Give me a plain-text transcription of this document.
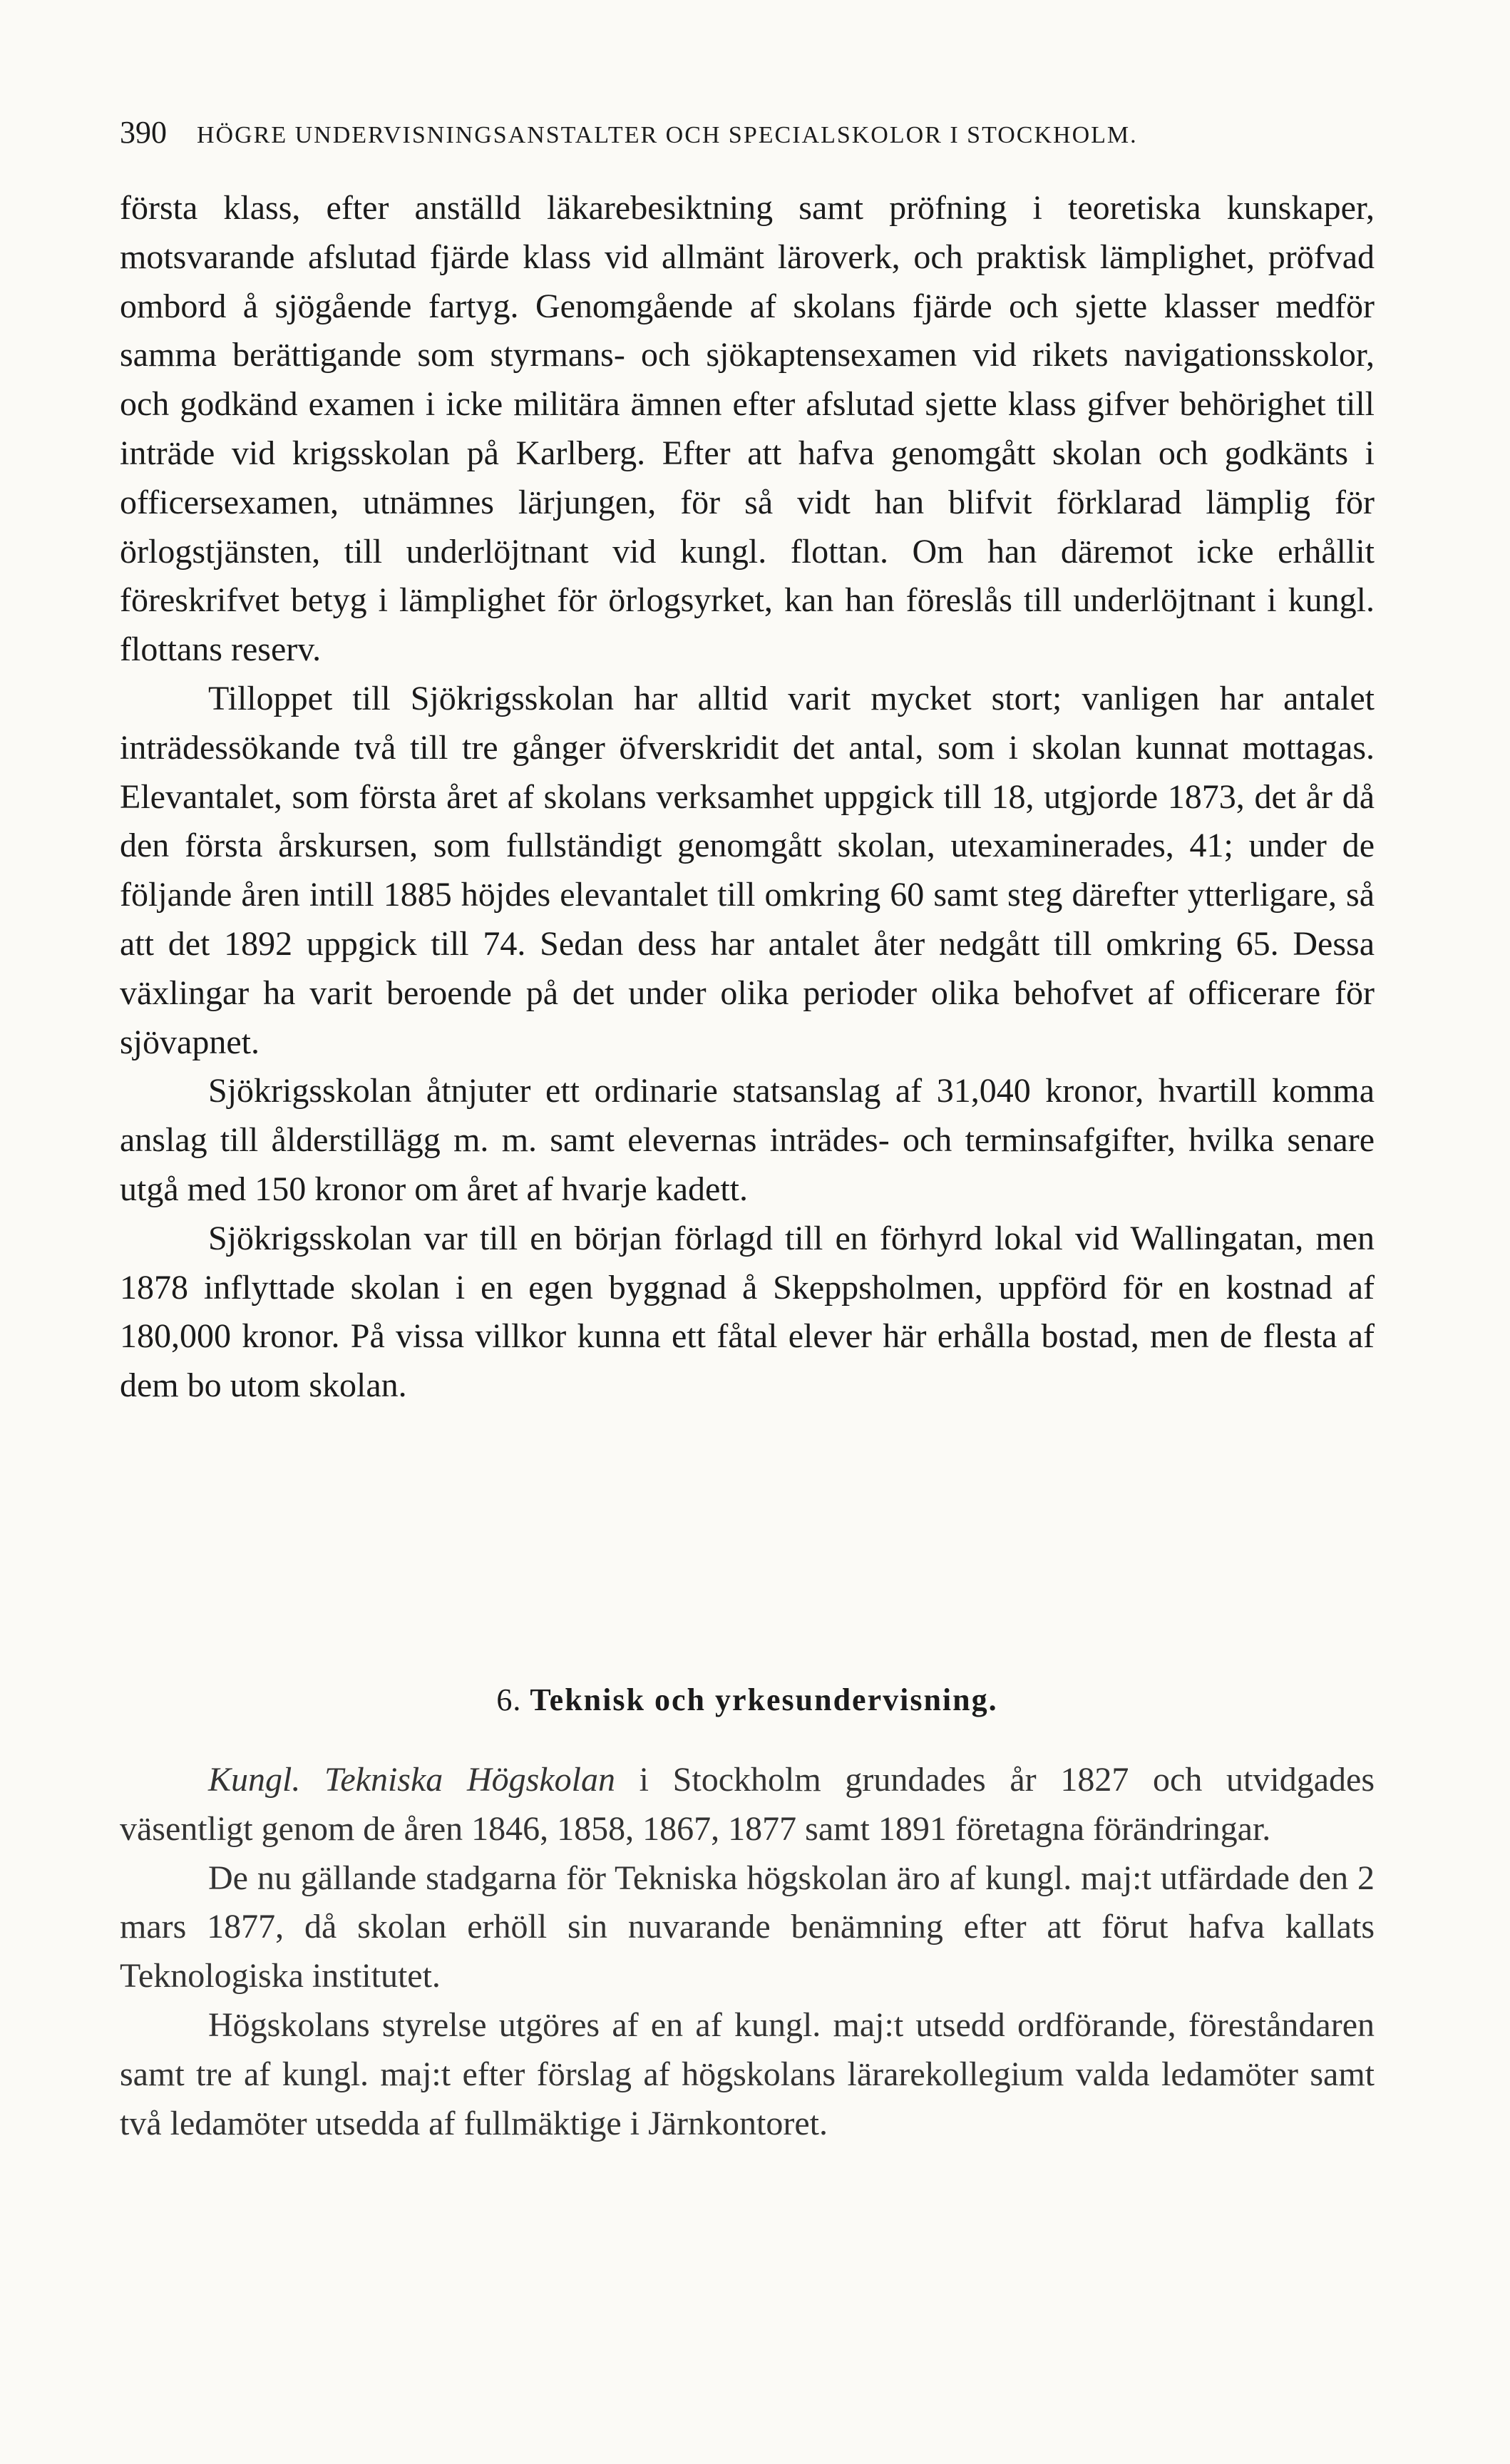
390 HÖGRE UNDERVISNINGSANSTALTER OCH SPECIALSKOLOR I STOCKHOLM.

första klass, efter anställd läkarebesiktning samt pröfning i teoretiska kunskaper, motsvarande afslutad fjärde klass vid allmänt läroverk, och praktisk lämplighet, pröfvad ombord å sjögående fartyg. Genomgående af skolans fjärde och sjette klasser medför samma berättigande som styrmans- och sjökaptensexamen vid rikets navigationsskolor, och godkänd examen i icke militära ämnen efter afslutad sjette klass gifver behörighet till inträde vid krigsskolan på Karlberg. Efter att hafva genomgått skolan och godkänts i officersexamen, utnämnes lärjungen, för så vidt han blifvit förklarad lämplig för örlogstjänsten, till underlöjtnant vid kungl. flottan. Om han däremot icke erhållit föreskrifvet betyg i lämplighet för örlogsyrket, kan han föreslås till underlöjtnant i kungl. flottans reserv.

Tilloppet till Sjökrigsskolan har alltid varit mycket stort; vanligen har antalet inträdessökande två till tre gånger öfverskridit det antal, som i skolan kunnat mottagas. Elevantalet, som första året af skolans verksamhet uppgick till 18, utgjorde 1873, det år då den första årskursen, som fullständigt genomgått skolan, utexaminerades, 41; under de följande åren intill 1885 höjdes elevantalet till omkring 60 samt steg därefter ytterligare, så att det 1892 uppgick till 74. Sedan dess har antalet åter nedgått till omkring 65. Dessa växlingar ha varit beroende på det under olika perioder olika behofvet af officerare för sjövapnet.

Sjökrigsskolan åtnjuter ett ordinarie statsanslag af 31,040 kronor, hvartill komma anslag till ålderstillägg m. m. samt elevernas inträdes- och terminsafgifter, hvilka senare utgå med 150 kronor om året af hvarje kadett.

Sjökrigsskolan var till en början förlagd till en förhyrd lokal vid Wallingatan, men 1878 inflyttade skolan i en egen byggnad å Skeppsholmen, uppförd för en kostnad af 180,000 kronor. På vissa villkor kunna ett fåtal elever här erhålla bostad, men de flesta af dem bo utom skolan.

6. Teknisk och yrkesundervisning.

Kungl. Tekniska Högskolan i Stockholm grundades år 1827 och utvidgades väsentligt genom de åren 1846, 1858, 1867, 1877 samt 1891 företagna förändringar.

De nu gällande stadgarna för Tekniska högskolan äro af kungl. maj:t utfärdade den 2 mars 1877, då skolan erhöll sin nuvarande benämning efter att förut hafva kallats Teknologiska institutet.

Högskolans styrelse utgöres af en af kungl. maj:t utsedd ordförande, föreståndaren samt tre af kungl. maj:t efter förslag af högskolans lärarekollegium valda ledamöter samt två ledamöter utsedda af fullmäktige i Järnkontoret.
